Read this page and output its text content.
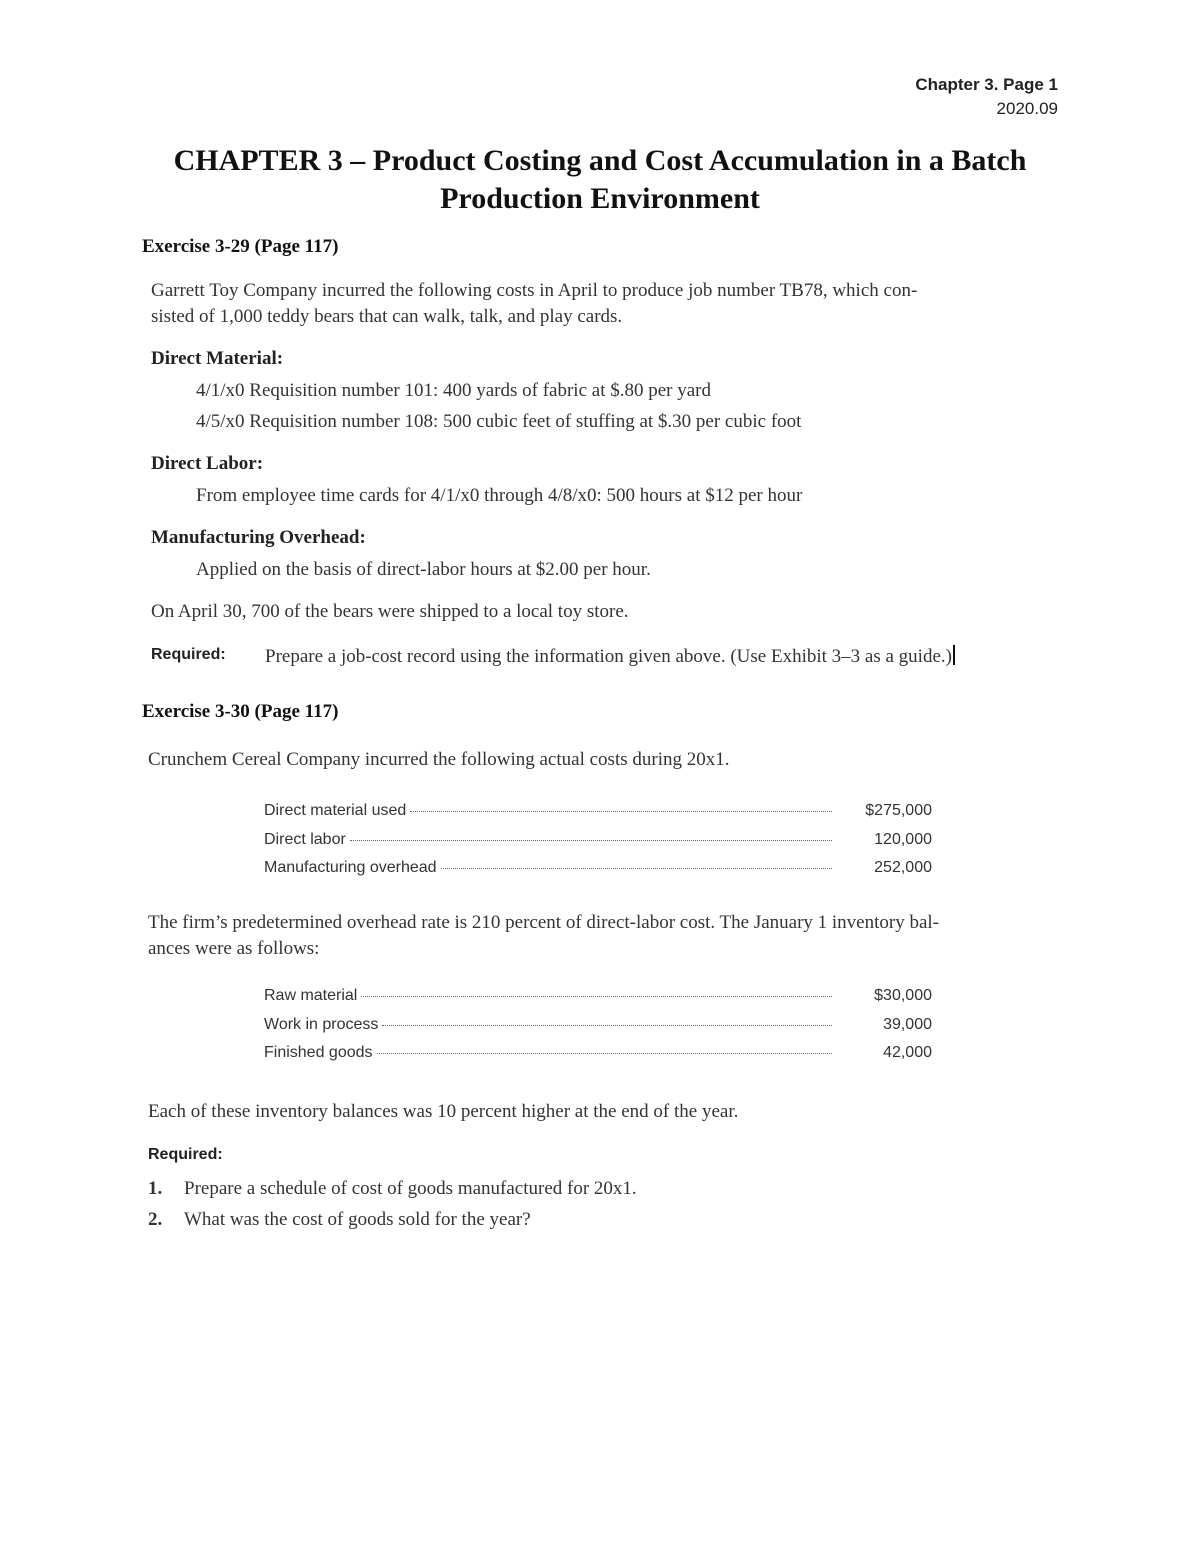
Chapter 3. Page 1
2020.09
CHAPTER 3 – Product Costing and Cost Accumulation in a Batch Production Environment
Exercise 3-29 (Page 117)
Garrett Toy Company incurred the following costs in April to produce job number TB78, which con-
sisted of 1,000 teddy bears that can walk, talk, and play cards.
Direct Material:
4/1/x0 Requisition number 101: 400 yards of fabric at $.80 per yard
4/5/x0 Requisition number 108: 500 cubic feet of stuffing at $.30 per cubic foot
Direct Labor:
From employee time cards for 4/1/x0 through 4/8/x0: 500 hours at $12 per hour
Manufacturing Overhead:
Applied on the basis of direct-labor hours at $2.00 per hour.
On April 30, 700 of the bears were shipped to a local toy store.
Required: Prepare a job-cost record using the information given above. (Use Exhibit 3–3 as a guide.)
Exercise 3-30 (Page 117)
Crunchem Cereal Company incurred the following actual costs during 20x1.
Direct material used	$275,000
Direct labor	120,000
Manufacturing overhead	252,000
The firm’s predetermined overhead rate is 210 percent of direct-labor cost. The January 1 inventory bal-
ances were as follows:
Raw material	$30,000
Work in process	39,000
Finished goods	42,000
Each of these inventory balances was 10 percent higher at the end of the year.
Required:
1. Prepare a schedule of cost of goods manufactured for 20x1.
2. What was the cost of goods sold for the year?
